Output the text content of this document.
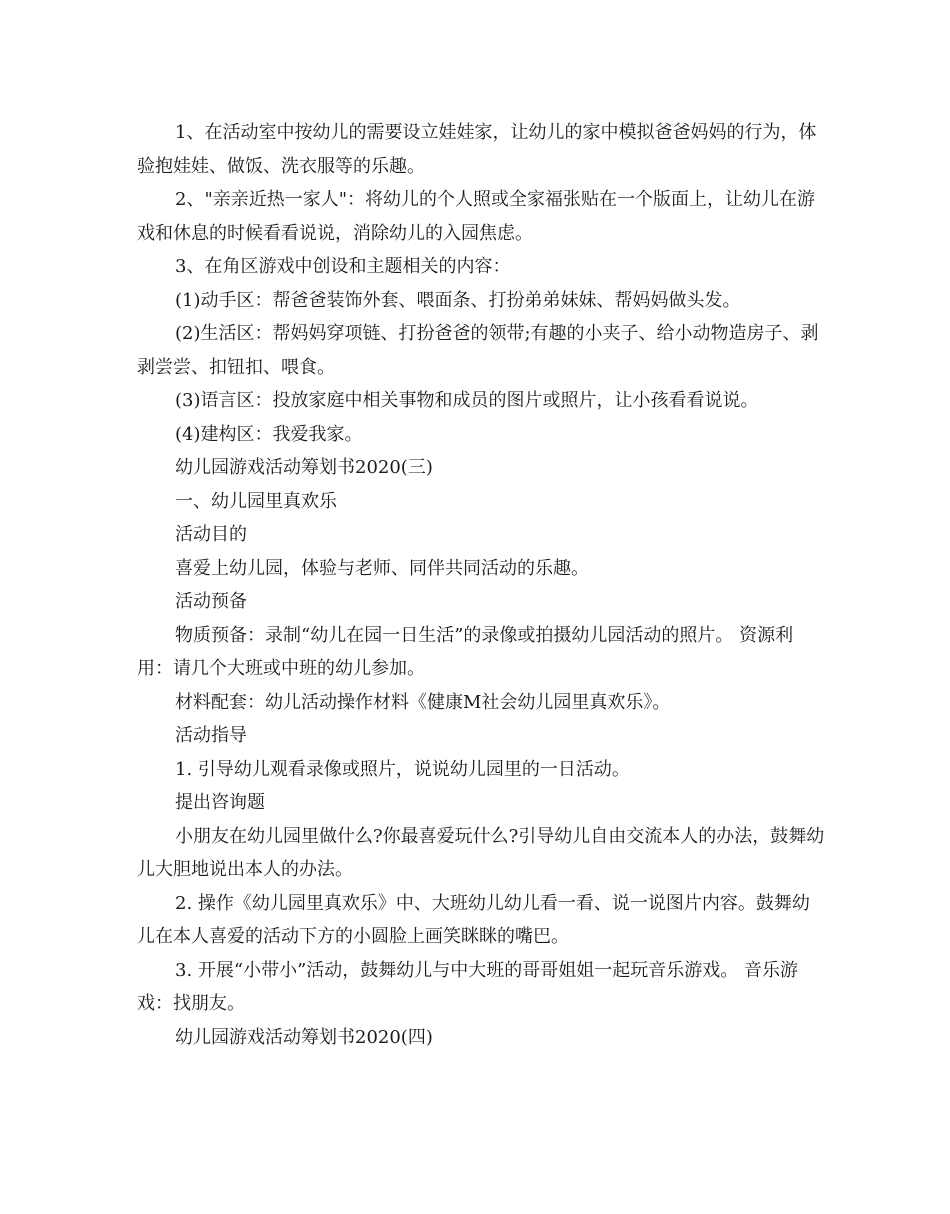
1、在活动室中按幼儿的需要设立娃娃家，让幼儿的家中模拟爸爸妈妈的行为，体验抱娃娃、做饭、洗衣服等的乐趣。

2、"亲亲近热一家人"：将幼儿的个人照或全家福张贴在一个版面上，让幼儿在游戏和休息的时候看看说说，消除幼儿的入园焦虑。

3、在角区游戏中创设和主题相关的内容：

(1)动手区：帮爸爸装饰外套、喂面条、打扮弟弟妹妹、帮妈妈做头发。

(2)生活区：帮妈妈穿项链、打扮爸爸的领带;有趣的小夹子、给小动物造房子、剥剥尝尝、扣钮扣、喂食。

(3)语言区：投放家庭中相关事物和成员的图片或照片，让小孩看看说说。

(4)建构区：我爱我家。

幼儿园游戏活动筹划书2020(三)

一、幼儿园里真欢乐

活动目的

喜爱上幼儿园，体验与老师、同伴共同活动的乐趣。

活动预备

物质预备：录制“幼儿在园一日生活”的录像或拍摄幼儿园活动的照片。 资源利用：请几个大班或中班的幼儿参加。

材料配套：幼儿活动操作材料《健康M社会幼儿园里真欢乐》。

活动指导

1. 引导幼儿观看录像或照片，说说幼儿园里的一日活动。

提出咨询题

小朋友在幼儿园里做什么?你最喜爱玩什么?引导幼儿自由交流本人的办法，鼓舞幼儿大胆地说出本人的办法。

2. 操作《幼儿园里真欢乐》中、大班幼儿幼儿看一看、说一说图片内容。鼓舞幼儿在本人喜爱的活动下方的小圆脸上画笑眯眯的嘴巴。

3. 开展“小带小”活动，鼓舞幼儿与中大班的哥哥姐姐一起玩音乐游戏。 音乐游戏：找朋友。

幼儿园游戏活动筹划书2020(四)
